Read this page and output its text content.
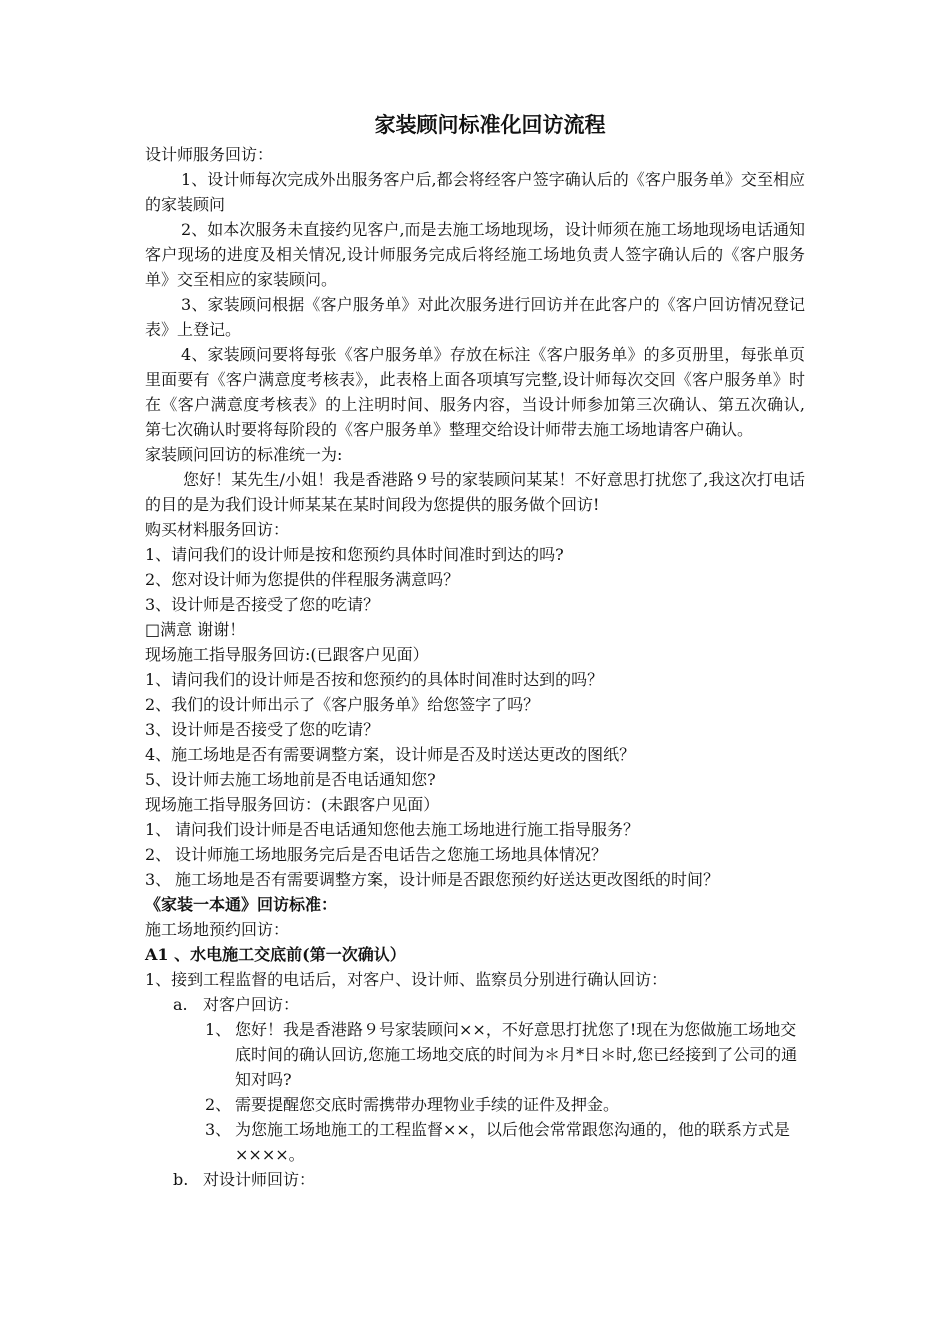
家装顾问标准化回访流程

设计师服务回访：

1、设计师每次完成外出服务客户后,都会将经客户签字确认后的《客户服务单》交至相应的家装顾问

2、如本次服务未直接约见客户,而是去施工场地现场，设计师须在施工场地现场电话通知客户现场的进度及相关情况,设计师服务完成后将经施工场地负责人签字确认后的《客户服务单》交至相应的家装顾问。

3、家装顾问根据《客户服务单》对此次服务进行回访并在此客户的《客户回访情况登记表》上登记。

4、家装顾问要将每张《客户服务单》存放在标注《客户服务单》的多页册里，每张单页里面要有《客户满意度考核表》，此表格上面各项填写完整,设计师每次交回《客户服务单》时在《客户满意度考核表》的上注明时间、服务内容，当设计师参加第三次确认、第五次确认,第七次确认时要将每阶段的《客户服务单》整理交给设计师带去施工场地请客户确认。

家装顾问回访的标准统一为:

您好！某先生/小姐！我是香港路９号的家装顾问某某！不好意思打扰您了,我这次打电话的目的是为我们设计师某某在某时间段为您提供的服务做个回访!

购买材料服务回访：

1、请问我们的设计师是按和您预约具体时间准时到达的吗?

2、您对设计师为您提供的伴程服务满意吗？

3、设计师是否接受了您的吃请？

□满意 谢谢！

现场施工指导服务回访:(已跟客户见面）

1、请问我们的设计师是否按和您预约的具体时间准时达到的吗？

2、我们的设计师出示了《客户服务单》给您签字了吗？

3、设计师是否接受了您的吃请？

4、施工场地是否有需要调整方案，设计师是否及时送达更改的图纸？

5、设计师去施工场地前是否电话通知您?

现场施工指导服务回访：(未跟客户见面）

1、 请问我们设计师是否电话通知您他去施工场地进行施工指导服务？
2、 设计师施工场地服务完后是否电话告之您施工场地具体情况？
3、 施工场地是否有需要调整方案，设计师是否跟您预约好送达更改图纸的时间？

《家装一本通》回访标准：

施工场地预约回访：

A1 、水电施工交底前(第一次确认）

1、接到工程监督的电话后，对客户、设计师、监察员分别进行确认回访：

a. 对客户回访：
1、 您好！我是香港路９号家装顾问××，不好意思打扰您了!现在为您做施工场地交底时间的确认回访,您施工场地交底的时间为＊月*日＊时,您已经接到了公司的通知对吗?
2、 需要提醒您交底时需携带办理物业手续的证件及押金。
3、 为您施工场地施工的工程监督××，以后他会常常跟您沟通的，他的联系方式是××××。
b. 对设计师回访：
